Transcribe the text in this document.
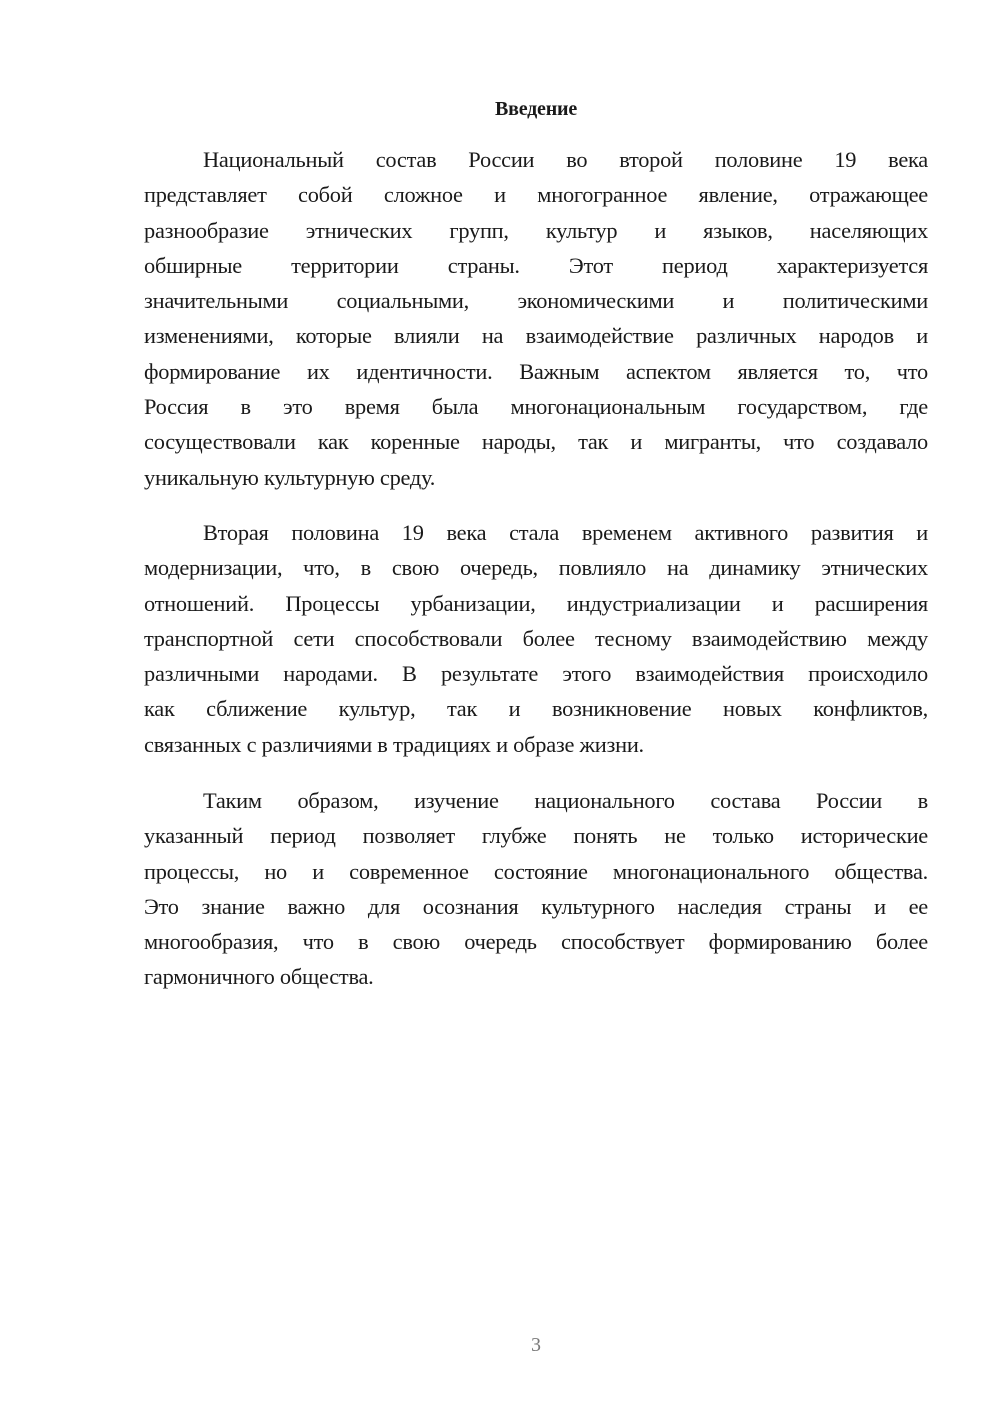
Введение
Национальный состав России во второй половине 19 века
представляет собой сложное и многогранное явление, отражающее
разнообразие этнических групп, культур и языков, населяющих
обширные территории страны. Этот период характеризуется
значительными социальными, экономическими и политическими
изменениями, которые влияли на взаимодействие различных народов и
формирование их идентичности. Важным аспектом является то, что
Россия в это время была многонациональным государством, где
сосуществовали как коренные народы, так и мигранты, что создавало
уникальную культурную среду.
Вторая половина 19 века стала временем активного развития и
модернизации, что, в свою очередь, повлияло на динамику этнических
отношений. Процессы урбанизации, индустриализации и расширения
транспортной сети способствовали более тесному взаимодействию между
различными народами. В результате этого взаимодействия происходило
как сближение культур, так и возникновение новых конфликтов,
связанных с различиями в традициях и образе жизни.
Таким образом, изучение национального состава России в
указанный период позволяет глубже понять не только исторические
процессы, но и современное состояние многонационального общества.
Это знание важно для осознания культурного наследия страны и ее
многообразия, что в свою очередь способствует формированию более
гармоничного общества.
3
